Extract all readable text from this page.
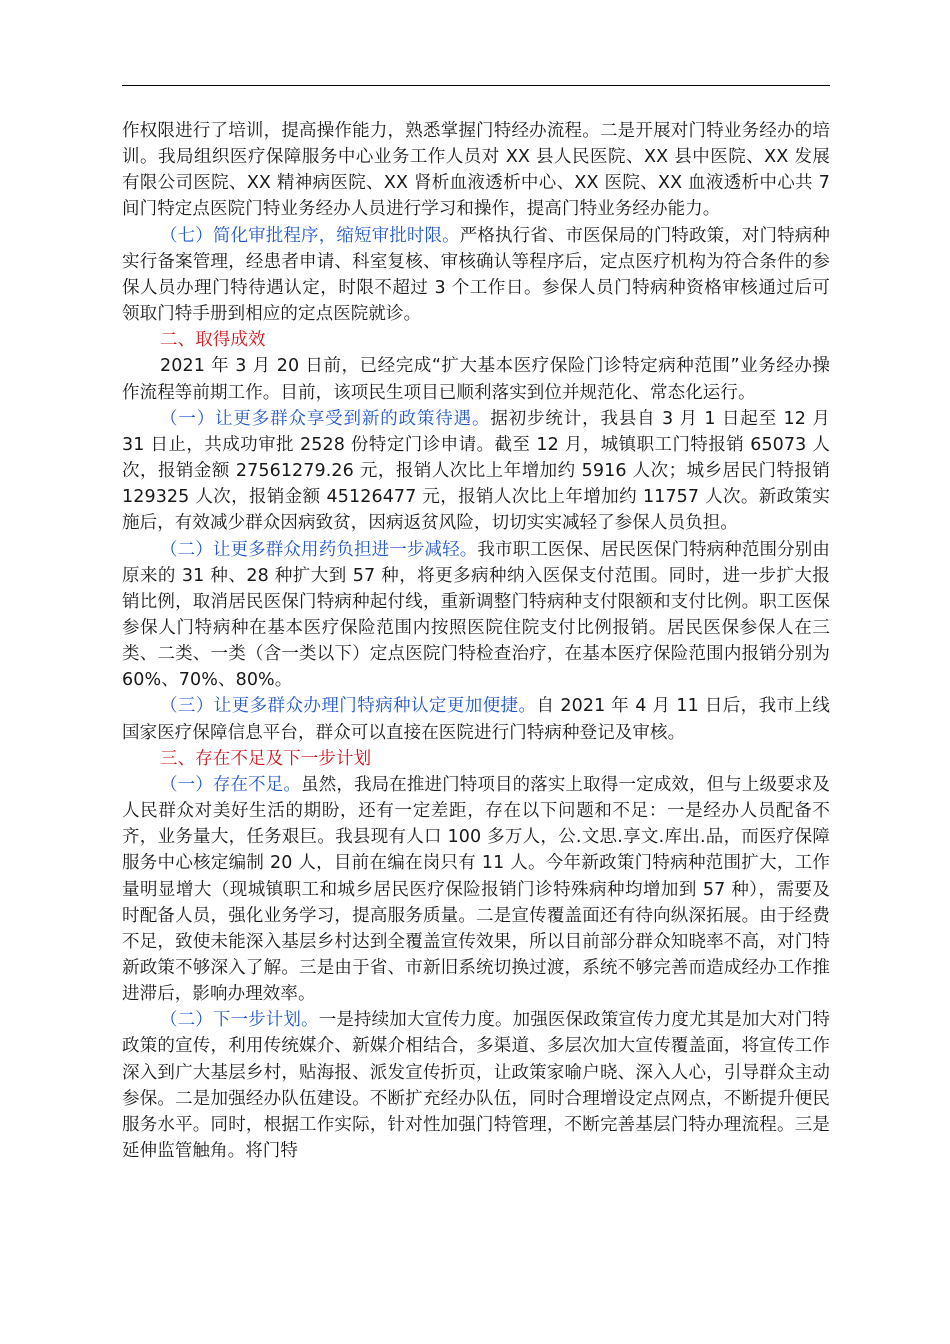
作权限进行了培训，提高操作能力，熟悉掌握门特经办流程。二是开展对门特业务经办的培训。我局组织医疗保障服务中心业务工作人员对 XX 县人民医院、XX 县中医院、XX 发展有限公司医院、XX 精神病医院、XX 肾析血液透析中心、XX 医院、XX 血液透析中心共 7 间门特定点医院门特业务经办人员进行学习和操作，提高门特业务经办能力。

（七）简化审批程序，缩短审批时限。严格执行省、市医保局的门特政策，对门特病种实行备案管理，经患者申请、科室复核、审核确认等程序后，定点医疗机构为符合条件的参保人员办理门特待遇认定，时限不超过 3 个工作日。参保人员门特病种资格审核通过后可领取门特手册到相应的定点医院就诊。

二、取得成效

2021 年 3 月 20 日前，已经完成“扩大基本医疗保险门诊特定病种范围”业务经办操作流程等前期工作。目前，该项民生项目已顺利落实到位并规范化、常态化运行。

（一）让更多群众享受到新的政策待遇。据初步统计，我县自 3 月 1 日起至 12 月 31 日止，共成功审批 2528 份特定门诊申请。截至 12 月，城镇职工门特报销 65073 人次，报销金额 27561279.26 元，报销人次比上年增加约 5916 人次；城乡居民门特报销 129325 人次，报销金额 45126477 元，报销人次比上年增加约 11757 人次。新政策实施后，有效减少群众因病致贫，因病返贫风险，切切实实减轻了参保人员负担。

（二）让更多群众用药负担进一步减轻。我市职工医保、居民医保门特病种范围分别由原来的 31 种、28 种扩大到 57 种，将更多病种纳入医保支付范围。同时，进一步扩大报销比例，取消居民医保门特病种起付线，重新调整门特病种支付限额和支付比例。职工医保参保人门特病种在基本医疗保险范围内按照医院住院支付比例报销。居民医保参保人在三类、二类、一类（含一类以下）定点医院门特检查治疗，在基本医疗保险范围内报销分别为 60%、70%、80%。

（三）让更多群众办理门特病种认定更加便捷。自 2021 年 4 月 11 日后，我市上线国家医疗保障信息平台，群众可以直接在医院进行门特病种登记及审核。

三、存在不足及下一步计划

（一）存在不足。虽然，我局在推进门特项目的落实上取得一定成效，但与上级要求及人民群众对美好生活的期盼，还有一定差距，存在以下问题和不足：一是经办人员配备不齐，业务量大，任务艰巨。我县现有人口 100 多万人，公.文思.享文.库出.品，而医疗保障服务中心核定编制 20 人，目前在编在岗只有 11 人。今年新政策门特病种范围扩大，工作量明显增大（现城镇职工和城乡居民医疗保险报销门诊特殊病种均增加到 57 种），需要及时配备人员，强化业务学习，提高服务质量。二是宣传覆盖面还有待向纵深拓展。由于经费不足，致使未能深入基层乡村达到全覆盖宣传效果，所以目前部分群众知晓率不高，对门特新政策不够深入了解。三是由于省、市新旧系统切换过渡，系统不够完善而造成经办工作推进滞后，影响办理效率。

（二）下一步计划。一是持续加大宣传力度。加强医保政策宣传力度尤其是加大对门特政策的宣传，利用传统媒介、新媒介相结合，多渠道、多层次加大宣传覆盖面，将宣传工作深入到广大基层乡村，贴海报、派发宣传折页，让政策家喻户晓、深入人心，引导群众主动参保。二是加强经办队伍建设。不断扩充经办队伍，同时合理增设定点网点，不断提升便民服务水平。同时，根据工作实际，针对性加强门特管理，不断完善基层门特办理流程。三是延伸监管触角。将门特
